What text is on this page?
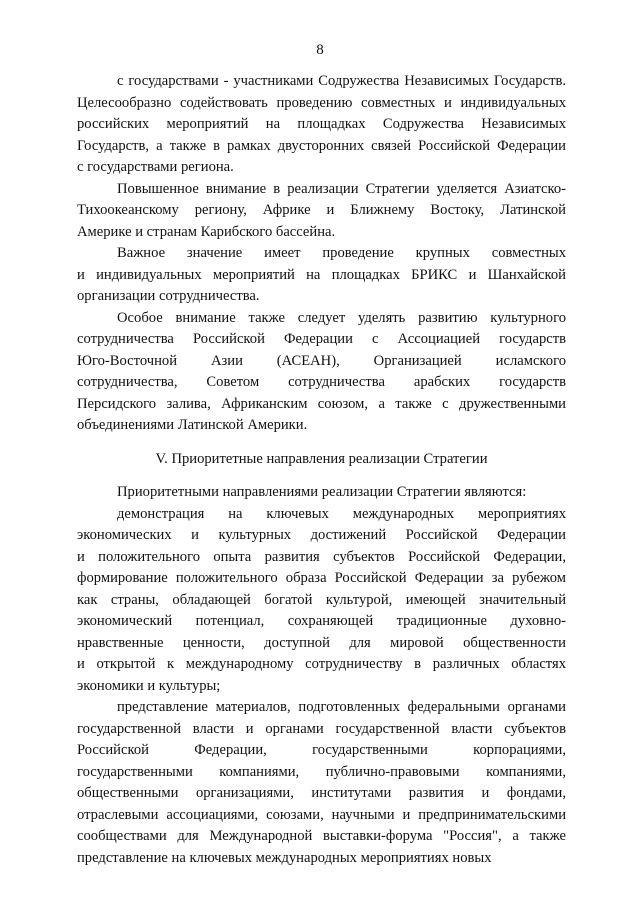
8

с государствами - участниками Содружества Независимых Государств.
Целесообразно содействовать проведению совместных и индивидуальных
российских мероприятий на площадках Содружества Независимых
Государств, а также в рамках двусторонних связей Российской Федерации
с государствами региона.

Повышенное внимание в реализации Стратегии уделяется Азиатско-
Тихоокеанскому региону, Африке и Ближнему Востоку, Латинской
Америке и странам Карибского бассейна.

Важное значение имеет проведение крупных совместных
и индивидуальных мероприятий на площадках БРИКС и Шанхайской
организации сотрудничества.

Особое внимание также следует уделять развитию культурного
сотрудничества Российской Федерации с Ассоциацией государств
Юго-Восточной Азии (АСЕАН), Организацией исламского
сотрудничества, Советом сотрудничества арабских государств
Персидского залива, Африканским союзом, а также с дружественными
объединениями Латинской Америки.

V. Приоритетные направления реализации Стратегии

Приоритетными направлениями реализации Стратегии являются:

демонстрация на ключевых международных мероприятиях
экономических и культурных достижений Российской Федерации
и положительного опыта развития субъектов Российской Федерации,
формирование положительного образа Российской Федерации за рубежом
как страны, обладающей богатой культурой, имеющей значительный
экономический потенциал, сохраняющей традиционные духовно-
нравственные ценности, доступной для мировой общественности
и открытой к международному сотрудничеству в различных областях
экономики и культуры;

представление материалов, подготовленных федеральными органами
государственной власти и органами государственной власти субъектов
Российской Федерации, государственными корпорациями,
государственными компаниями, публично-правовыми компаниями,
общественными организациями, институтами развития и фондами,
отраслевыми ассоциациями, союзами, научными и предпринимательскими
сообществами для Международной выставки-форума "Россия", а также
представление на ключевых международных мероприятиях новых
